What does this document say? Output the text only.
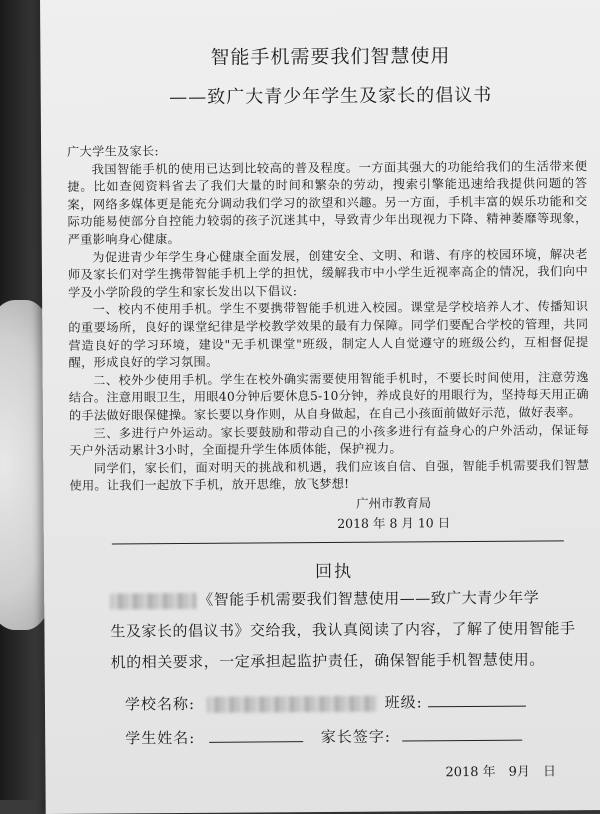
智能手机需要我们智慧使用
——致广大青少年学生及家长的倡议书

广大学生及家长:

我国智能手机的使用已达到比较高的普及程度。一方面其强大的功能给我们的生活带来便捷。比如查阅资料省去了我们大量的时间和繁杂的劳动，搜索引擎能迅速给我提供问题的答案，网络多媒体更是能充分调动我们学习的欲望和兴趣。另一方面，手机丰富的娱乐功能和交际功能易使部分自控能力较弱的孩子沉迷其中，导致青少年出现视力下降、精神萎靡等现象，严重影响身心健康。

为促进青少年学生身心健康全面发展，创建安全、文明、和谐、有序的校园环境，解决老师及家长们对学生携带智能手机上学的担忧，缓解我市中小学生近视率高企的情况，我们向中学及小学阶段的学生和家长发出以下倡议:

一、校内不使用手机。学生不要携带智能手机进入校园。课堂是学校培养人才、传播知识的重要场所，良好的课堂纪律是学校教学效果的最有力保障。同学们要配合学校的管理，共同营造良好的学习环境，建设"无手机课堂"班级，制定人人自觉遵守的班级公约，互相督促提醒，形成良好的学习氛围。

二、校外少使用手机。学生在校外确实需要使用智能手机时，不要长时间使用，注意劳逸结合。注意用眼卫生，用眼40分钟后要休息5-10分钟，养成良好的用眼行为，坚持每天用正确的手法做好眼保健操。家长要以身作则，从自身做起，在自己小孩面前做好示范，做好表率。

三、多进行户外运动。家长要鼓励和带动自己的小孩多进行有益身心的户外活动，保证每天户外活动累计3小时，全面提升学生体质体能，保护视力。

同学们，家长们，面对明天的挑战和机遇，我们应该自信、自强，智能手机需要我们智慧使用。让我们一起放下手机，放开思维，放飞梦想!

广州市教育局
2018 年 8 月 10 日
回执

《智能手机需要我们智慧使用——致广大青少年学

生及家长的倡议书》交给我，我认真阅读了内容，了解了使用智能手

机的相关要求，一定承担起监护责任，确保智能手机智慧使用。

学校名称:	班级:
学生姓名:	家长签字:
2018 年　9月　日
